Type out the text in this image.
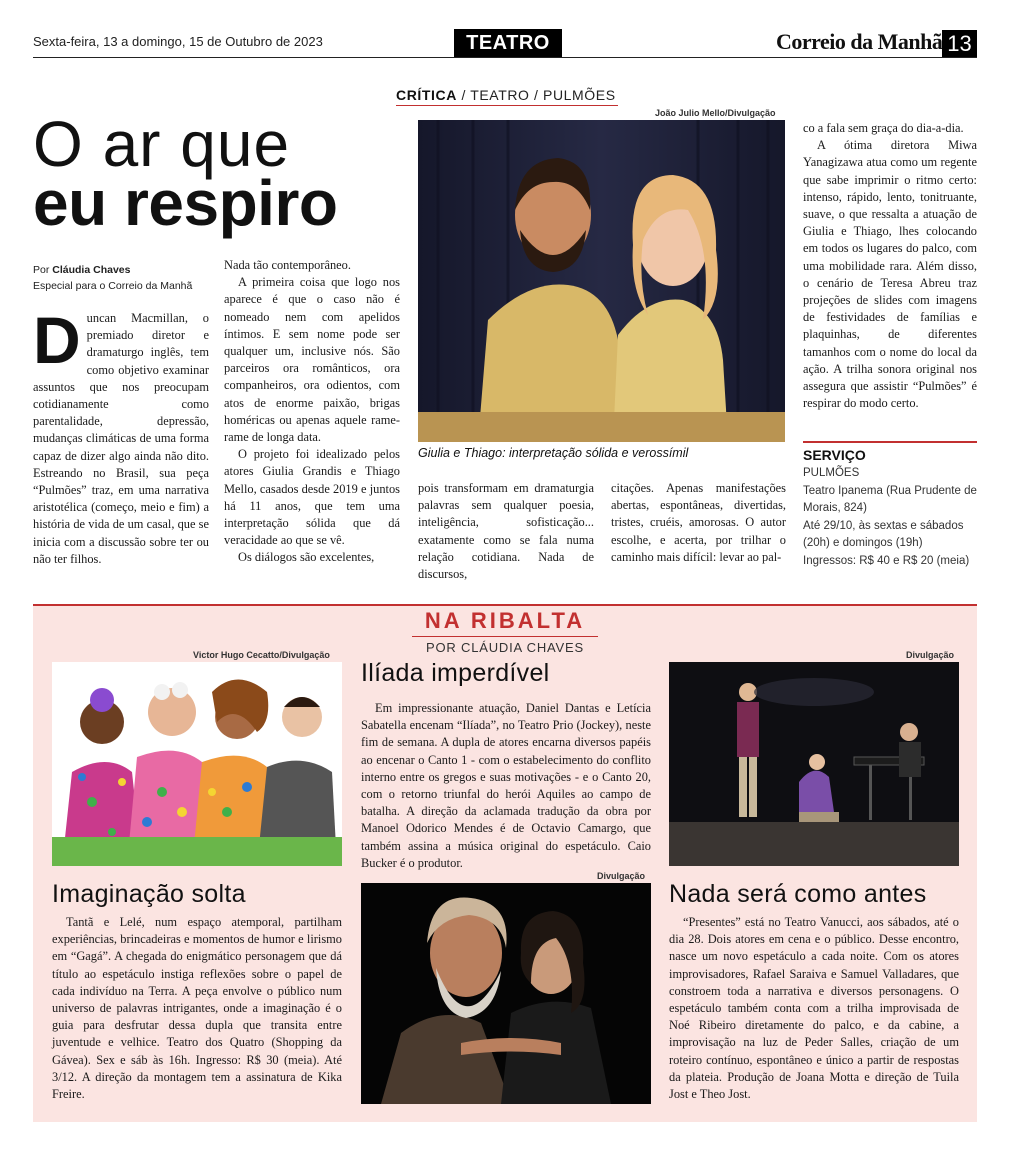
Sexta-feira, 13 a domingo, 15 de Outubro de 2023	TEATRO	Correio da Manhã 13
CRÍTICA / TEATRO / PULMÕES
O ar que
eu respiro
Por Cláudia Chaves
Especial para o Correio da Manhã
D uncan Macmillan, o premiado diretor e dramaturgo inglês, tem como objetivo examinar assuntos que nos preocupam cotidianamente como parentalidade, depressão, mudanças climáticas de uma forma capaz de dizer algo ainda não dito. Estreando no Brasil, sua peça “Pulmões” traz, em uma narrativa aristotélica (começo, meio e fim) a história de vida de um casal, que se inicia com a discussão sobre ter ou não ter filhos.

Nada tão contemporâneo.

A primeira coisa que logo nos aparece é que o caso não é nomeado nem com apelidos íntimos. E sem nome pode ser qualquer um, inclusive nós. São parceiros ora românticos, ora companheiros, ora odientos, com atos de enorme paixão, brigas homéricas ou apenas aquele rame-rame de longa data.

O projeto foi idealizado pelos atores Giulia Grandis e Thiago Mello, casados desde 2019 e juntos há 11 anos, que tem uma interpretação sólida que dá veracidade ao que se vê.

Os diálogos são excelentes,

João Julio Mello/Divulgação
Giulia e Thiago: interpretação sólida e verossímil

pois transformam em dramaturgia palavras sem qualquer poesia, inteligência, sofisticação... exatamente como se fala numa relação cotidiana. Nada de discursos,

citações. Apenas manifestações abertas, espontâneas, divertidas, tristes, cruéis, amorosas. O autor escolhe, e acerta, por trilhar o caminho mais difícil: levar ao pal-

co a fala sem graça do dia-a-dia.

A ótima diretora Miwa Yanagizawa atua como um regente que sabe imprimir o ritmo certo: intenso, rápido, lento, tonitruante, suave, o que ressalta a atuação de Giulia e Thiago, lhes colocando em todos os lugares do palco, com uma mobilidade rara. Além disso, o cenário de Teresa Abreu traz projeções de slides com imagens de festividades de famílias e plaquinhas, de diferentes tamanhos com o nome do local da ação. A trilha sonora original nos assegura que assistir “Pulmões” é respirar do modo certo.

SERVIÇO
PULMÕES
Teatro Ipanema (Rua Prudente de Morais, 824)
Até 29/10, às sextas e sábados (20h) e domingos (19h)
Ingressos: R$ 40 e R$ 20 (meia)
NA RIBALTA
POR CLÁUDIA CHAVES
Victor Hugo Cecatto/Divulgação	Divulgação
Divulgação
Ilíada imperdível
Imaginação solta	Nada será como antes

Em impressionante atuação, Daniel Dantas e Letícia Sabatella encenam “Ilíada”, no Teatro Prio (Jockey), neste fim de semana. A dupla de atores encarna diversos papéis ao encenar o Canto 1 - com o estabelecimento do conflito interno entre os gregos e suas motivações - e o Canto 20, com o retorno triunfal do herói Aquiles ao campo de batalha. A direção da aclamada tradução da obra por Manoel Odorico Mendes é de Octavio Camargo, que também assina a música original do espetáculo. Caio Bucker é o produtor.

Tantã e Lelé, num espaço atemporal, partilham experiências, brincadeiras e momentos de humor e lirismo em “Gagá”. A chegada do enigmático personagem que dá título ao espetáculo instiga reflexões sobre o papel de cada indivíduo na Terra. A peça envolve o público num universo de palavras intrigantes, onde a imaginação é o guia para desfrutar dessa dupla que transita entre juventude e velhice. Teatro dos Quatro (Shopping da Gávea). Sex e sáb às 16h. Ingresso: R$ 30 (meia). Até 3/12. A direção da montagem tem a assinatura de Kika Freire.

“Presentes” está no Teatro Vanucci, aos sábados, até o dia 28. Dois atores em cena e o público. Desse encontro, nasce um novo espetáculo a cada noite. Com os atores improvisadores, Rafael Saraiva e Samuel Valladares, que constroem toda a narrativa e diversos personagens. O espetáculo também conta com a trilha improvisada de Noé Ribeiro diretamente do palco, e da cabine, a improvisação na luz de Peder Salles, criação de um roteiro contínuo, espontâneo e único a partir de respostas da plateia. Produção de Joana Motta e direção de Tuila Jost e Theo Jost.
